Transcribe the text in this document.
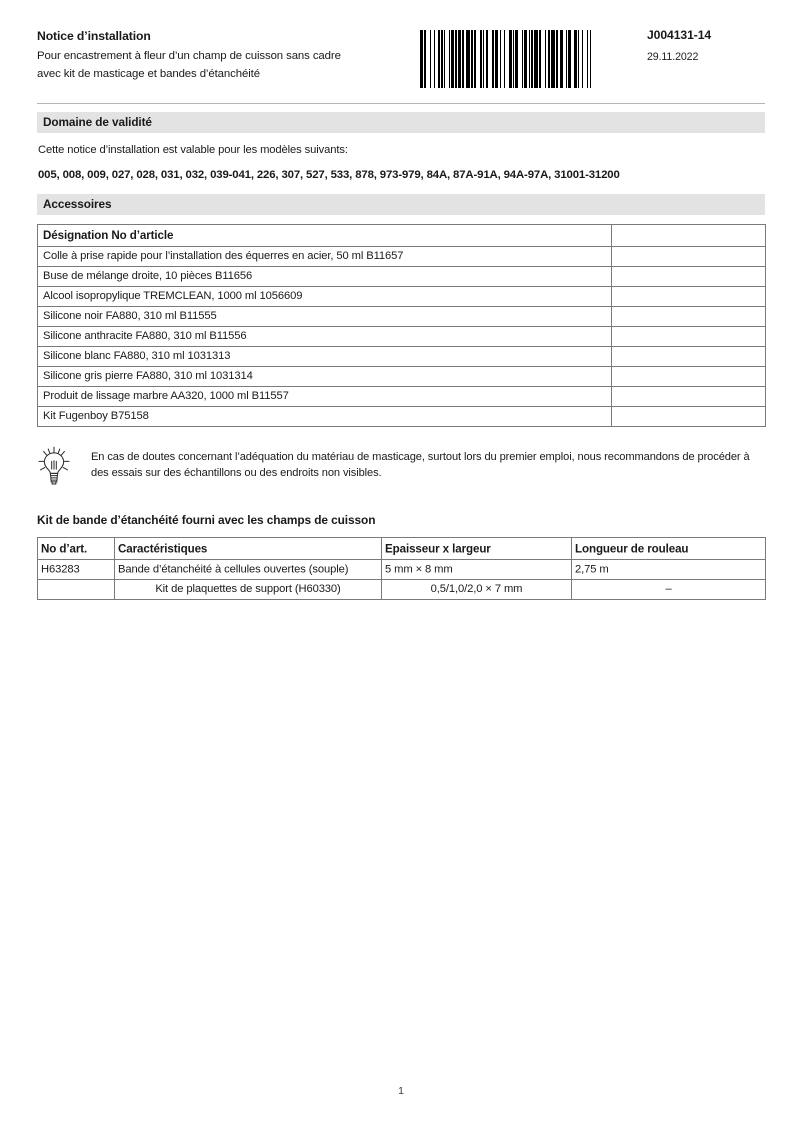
Notice d’installation
Pour encastrement à fleur d’un champ de cuisson sans cadre
avec kit de masticage et bandes d’étanchéité
J004131-14
29.11.2022
Domaine de validité
Cette notice d’installation est valable pour les modèles suivants:
005, 008, 009, 027, 028, 031, 032, 039-041, 226, 307, 527, 533, 878, 973-979, 84A, 87A-91A, 94A-97A, 31001-31200
Accessoires
Désignation No d’article	
Colle à prise rapide pour l’installation des équerres en acier, 50 ml B11657	
Buse de mélange droite, 10 pièces B11656	
Alcool isopropylique TREMCLEAN, 1000 ml 1056609	
Silicone noir FA880, 310 ml B11555	
Silicone anthracite FA880, 310 ml B11556	
Silicone blanc FA880, 310 ml 1031313	
Silicone gris pierre FA880, 310 ml 1031314	
Produit de lissage marbre AA320, 1000 ml B11557	
Kit Fugenboy B75158	
En cas de doutes concernant l’adéquation du matériau de masticage, surtout lors du premier emploi, nous recommandons de procéder à des essais sur des échantillons ou des endroits non visibles.
Kit de bande d’étanchéité fourni avec les champs de cuisson
No d’art.	Caractéristiques	Epaisseur x largeur	Longueur de rouleau

H63283	Bande d’étanchéité à cellules ouvertes (souple)	5 mm × 8 mm	2,75 m

	Kit de plaquettes de support (H60330)	0,5/1,0/2,0 × 7 mm	–
1
